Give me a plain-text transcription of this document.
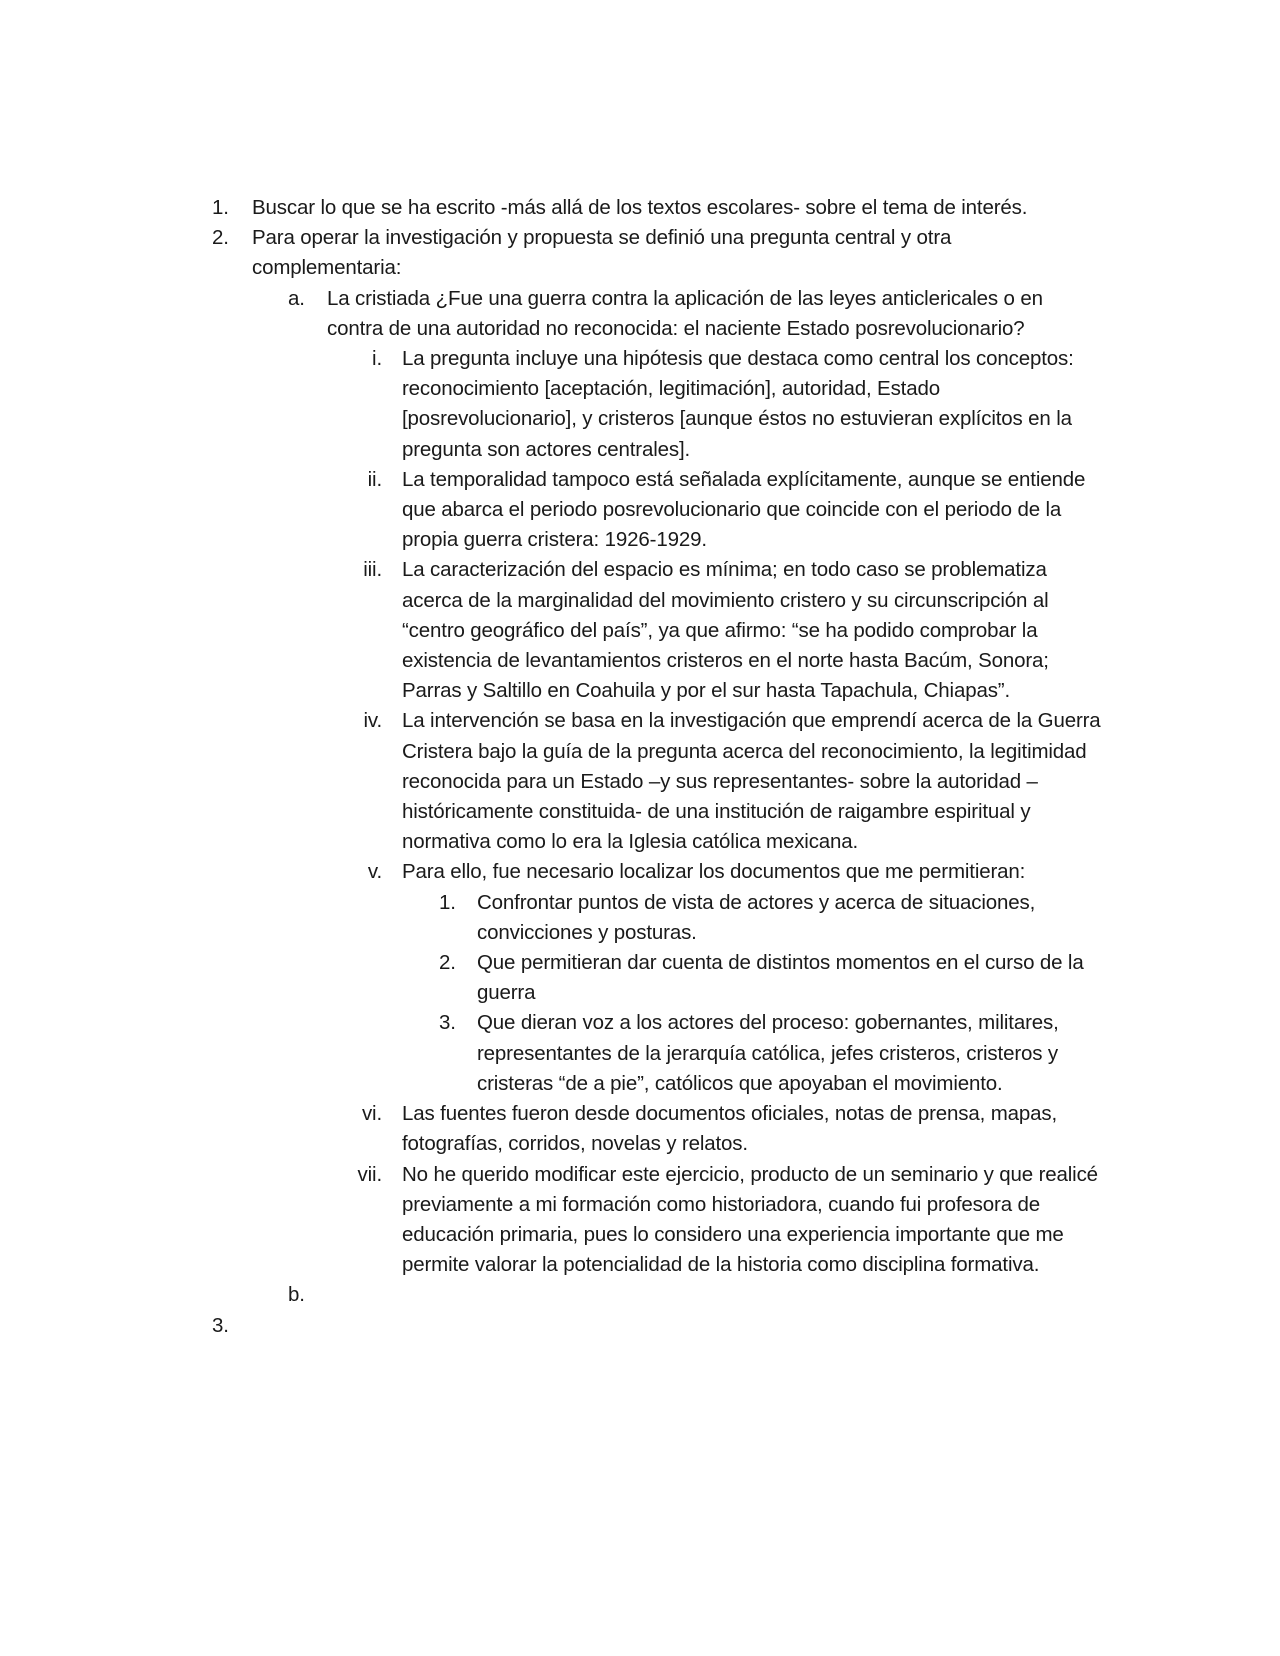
1. Buscar lo que se ha escrito -más allá de los textos escolares- sobre el tema de interés.
2. Para operar la investigación y propuesta se definió una pregunta central y otra complementaria:
a. La cristiada ¿Fue una guerra contra la aplicación de las leyes anticlericales o en contra de una autoridad no reconocida: el naciente Estado posrevolucionario?
i. La pregunta incluye una hipótesis que destaca como central los conceptos: reconocimiento [aceptación, legitimación], autoridad, Estado [posrevolucionario], y cristeros [aunque éstos no estuvieran explícitos en la pregunta son actores centrales].
ii. La temporalidad tampoco está señalada explícitamente, aunque se entiende que abarca el periodo posrevolucionario que coincide con el periodo de la propia guerra cristera: 1926-1929.
iii. La caracterización del espacio es mínima; en todo caso se problematiza acerca de la marginalidad del movimiento cristero y su circunscripción al “centro geográfico del país”, ya que afirmo: “se ha podido comprobar la existencia de levantamientos cristeros en el norte hasta Bacúm, Sonora; Parras y Saltillo en Coahuila y por el sur hasta Tapachula, Chiapas”.
iv. La intervención se basa en la investigación que emprendí acerca de la Guerra Cristera bajo la guía de la pregunta acerca del reconocimiento, la legitimidad reconocida para un Estado –y sus representantes- sobre la autoridad –históricamente constituida- de una institución de raigambre espiritual y normativa como lo era la Iglesia católica mexicana.
v. Para ello, fue necesario localizar los documentos que me permitieran:
1. Confrontar puntos de vista de actores y acerca de situaciones, convicciones y posturas.
2. Que permitieran dar cuenta de distintos momentos en el curso de la guerra
3. Que dieran voz a los actores del proceso: gobernantes, militares, representantes de la jerarquía católica, jefes cristeros, cristeros y cristeras “de a pie”, católicos que apoyaban el movimiento.
vi. Las fuentes fueron desde documentos oficiales, notas de prensa, mapas, fotografías, corridos, novelas y relatos.
vii. No he querido modificar este ejercicio, producto de un seminario y que realicé previamente a mi formación como historiadora, cuando fui profesora de educación primaria, pues lo considero una experiencia importante que me permite valorar la potencialidad de la historia como disciplina formativa.
b.
3.
